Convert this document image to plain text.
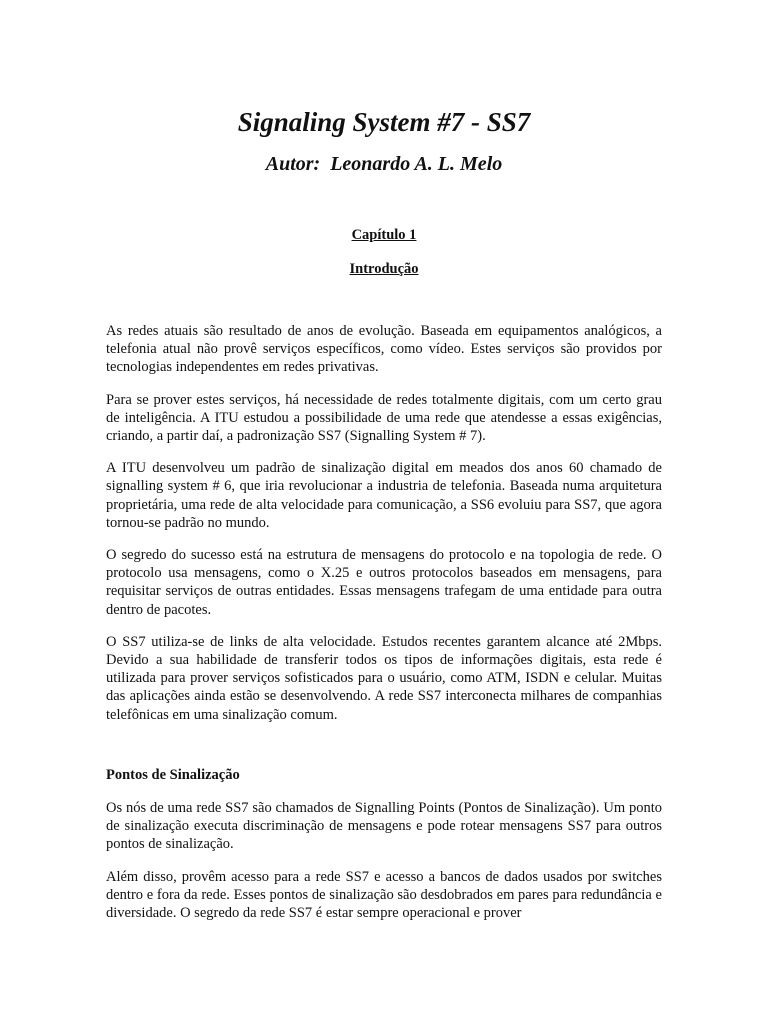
Signaling System #7 - SS7
Autor:  Leonardo A. L. Melo
Capítulo 1
Introdução

As redes atuais são resultado de anos de evolução. Baseada em equipamentos analógicos, a telefonia atual não provê serviços específicos, como vídeo. Estes serviços são providos por tecnologias independentes em redes privativas.

Para se prover estes serviços, há necessidade de redes totalmente digitais, com um certo grau de inteligência. A ITU estudou a possibilidade de uma rede que atendesse a essas exigências, criando, a partir daí, a padronização SS7 (Signalling System # 7).

A ITU desenvolveu um padrão de sinalização digital em meados dos anos 60 chamado de signalling system # 6, que iria revolucionar a industria de telefonia. Baseada numa arquitetura proprietária, uma rede de alta velocidade para comunicação, a SS6 evoluiu para SS7, que agora tornou-se padrão no mundo.

O segredo do sucesso está na estrutura de mensagens do protocolo e na topologia de rede. O protocolo usa mensagens, como o X.25 e outros protocolos baseados em mensagens, para requisitar serviços de outras entidades. Essas mensagens trafegam de uma entidade para outra dentro de pacotes.

O SS7 utiliza-se de links de alta velocidade. Estudos recentes garantem alcance até 2Mbps. Devido a sua habilidade de transferir todos os tipos de informações digitais, esta rede é utilizada para prover serviços sofisticados para o usuário, como ATM, ISDN e celular. Muitas das aplicações ainda estão se desenvolvendo. A rede SS7 interconecta milhares de companhias telefônicas em uma sinalização comum.

Pontos de Sinalização

Os nós de uma rede SS7 são chamados de Signalling Points (Pontos de Sinalização). Um ponto de sinalização executa discriminação de mensagens e pode rotear mensagens SS7 para outros pontos de sinalização.

Além disso, provêm acesso para a rede SS7 e acesso a bancos de dados usados por switches dentro e fora da rede. Esses pontos de sinalização são desdobrados em pares para redundância e diversidade. O segredo da rede SS7 é estar sempre operacional e prover
